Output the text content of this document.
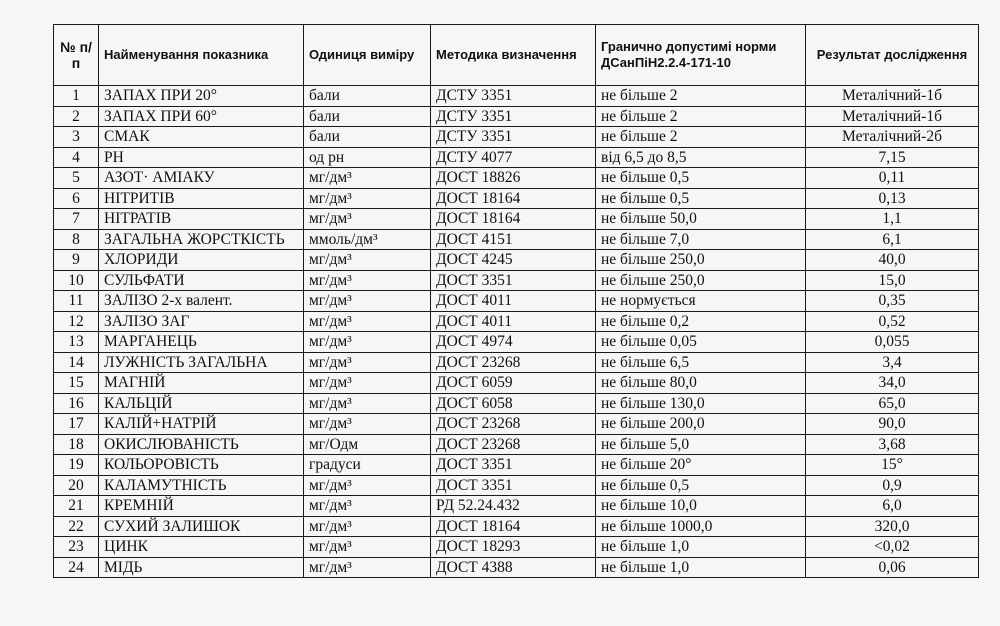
№ п/п	Найменування показника	Одиниця виміру	Методика визначення	Гранично допустимі норми ДСанПіН2.2.4-171-10	Результат дослідження
1	ЗАПАХ ПРИ 20°	бали	ДСТУ 3351	не більше 2	Металічний-1б
2	ЗАПАХ ПРИ 60°	бали	ДСТУ 3351	не більше 2	Металічний-1б
3	СМАК	бали	ДСТУ 3351	не більше 2	Металічний-2б
4	PH	од рн	ДСТУ 4077	від 6,5 до 8,5	7,15
5	АЗОТ· АМІАКУ	мг/дм³	ДОСТ 18826	не більше 0,5	0,11
6	НІТРИТІВ	мг/дм³	ДОСТ 18164	не більше 0,5	0,13
7	НІТРАТІВ	мг/дм³	ДОСТ 18164	не більше 50,0	1,1
8	ЗАГАЛЬНА ЖОРСТКІСТЬ	ммоль/дм³	ДОСТ 4151	не більше 7,0	6,1
9	ХЛОРИДИ	мг/дм³	ДОСТ 4245	не більше 250,0	40,0
10	СУЛЬФАТИ	мг/дм³	ДОСТ 3351	не більше 250,0	15,0
11	ЗАЛІЗО 2-х валент.	мг/дм³	ДОСТ 4011	не нормується	0,35
12	ЗАЛІЗО ЗАГ	мг/дм³	ДОСТ 4011	не більше 0,2	0,52
13	МАРГАНЕЦЬ	мг/дм³	ДОСТ 4974	не більше 0,05	0,055
14	ЛУЖНІСТЬ ЗАГАЛЬНА	мг/дм³	ДОСТ 23268	не більше 6,5	3,4
15	МАГНІЙ	мг/дм³	ДОСТ 6059	не більше 80,0	34,0
16	КАЛЬЦІЙ	мг/дм³	ДОСТ 6058	не більше 130,0	65,0
17	КАЛІЙ+НАТРІЙ	мг/дм³	ДОСТ 23268	не більше 200,0	90,0
18	ОКИСЛЮВАНІСТЬ	мг/Одм	ДОСТ 23268	не більше 5,0	3,68
19	КОЛЬОРОВІСТЬ	градуси	ДОСТ 3351	не більше 20°	15°
20	КАЛАМУТНІСТЬ	мг/дм³	ДОСТ 3351	не більше 0,5	0,9
21	КРЕМНІЙ	мг/дм³	РД 52.24.432	не більше 10,0	6,0
22	СУХИЙ ЗАЛИШОК	мг/дм³	ДОСТ 18164	не більше 1000,0	320,0
23	ЦИНК	мг/дм³	ДОСТ 18293	не більше 1,0	<0,02
24	МІДЬ	мг/дм³	ДОСТ 4388	не більше 1,0	0,06
